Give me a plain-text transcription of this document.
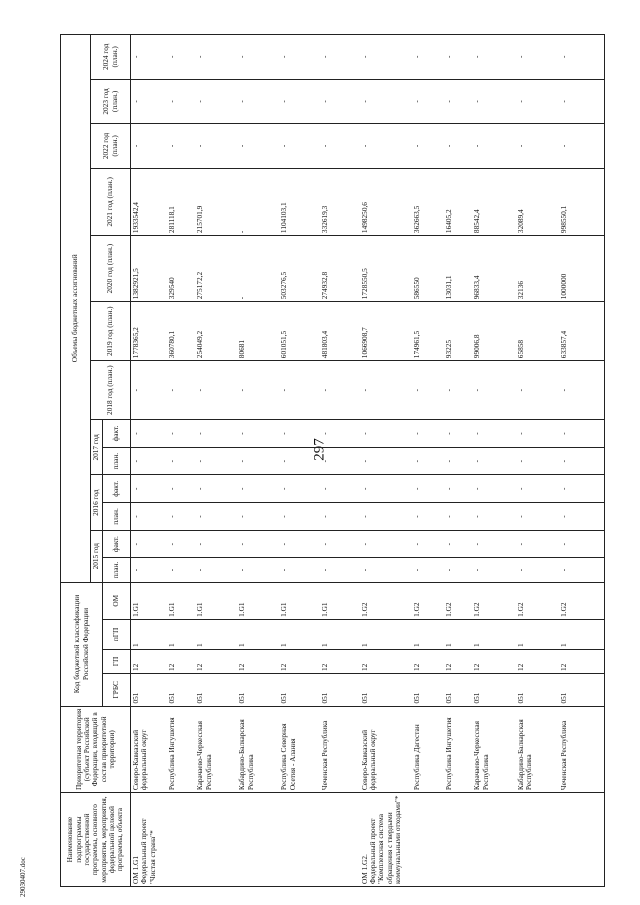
297
29030407.doc
Наименование подпрограммы государственной программы, основного мероприятия, мероприятия, федеральной целевой программы, объекта	Приоритетная территория (субъект Российской Федерации, входящий в состав приоритетной территории)	Код бюджетной классификации Российской Федерации				Объемы бюджетных ассигнований												
						2015 год		2016 год		2017 год		2018 год (план.)	2019 год (план.)	2020 год (план.)	2021 год (план.)	2022 год (план.)	2023 год (план.)	2024 год (план.)
		ГРБС	ГП	пГП	ОМ	план.	факт.	план.	факт.	план.	факт.							
ОМ 1.G1
Федеральный проект "Чистая страна"*	Северо-Кавказский федеральный округ	051	12	1	1.G1	-	-	-	-	-	-	-	1778365,2	1382921,5	1933542,4	-	-	-
	Республика Ингушетия	051	12	1	1.G1	-	-	-	-	-	-	-	360780,1	329540	281118,1	-	-	-
	Карачаево-Черкесская Республика	051	12	1	1.G1	-	-	-	-	-	-	-	254049,2	275172,2	215701,9	-	-	-
	Кабардино-Балкарская Республика	051	12	1	1.G1	-	-	-	-	-	-	-	80681	-	-	-	-	-
	Республика Северная Осетия - Алания	051	12	1	1.G1	-	-	-	-	-	-	-	601051,5	503276,5	1104103,1	-	-	-
	Чеченская Республика	051	12	1	1.G1	-	-	-	-	-	-	-	481803,4	274932,8	332619,3	-	-	-
ОМ 1.G2.
Федеральный проект "Комплексная система обращения с твердыми коммунальными отходами"*	Северо-Кавказский федеральный округ	051	12	1	1.G2	-	-	-	-	-	-	-	1066908,7	1728550,5	1498250,6	-	-	-
	Республика Дагестан	051	12	1	1.G2	-	-	-	-	-	-	-	174961,5	586550	362663,5	-	-	-
	Республика Ингушетия	051	12	1	1.G2	-	-	-	-	-	-	-	93225	13031,1	16405,2	-	-	-
	Карачаево-Черкесская Республика	051	12	1	1.G2	-	-	-	-	-	-	-	99006,8	96833,4	88542,4	-	-	-
	Кабардино-Балкарская Республика	051	12	1	1.G2	-	-	-	-	-	-	-	65858	32136	32089,4	-	-	-
	Чеченская Республика	051	12	1	1.G2	-	-	-	-	-	-	-	633857,4	1000000	998550,1	-	-	-
